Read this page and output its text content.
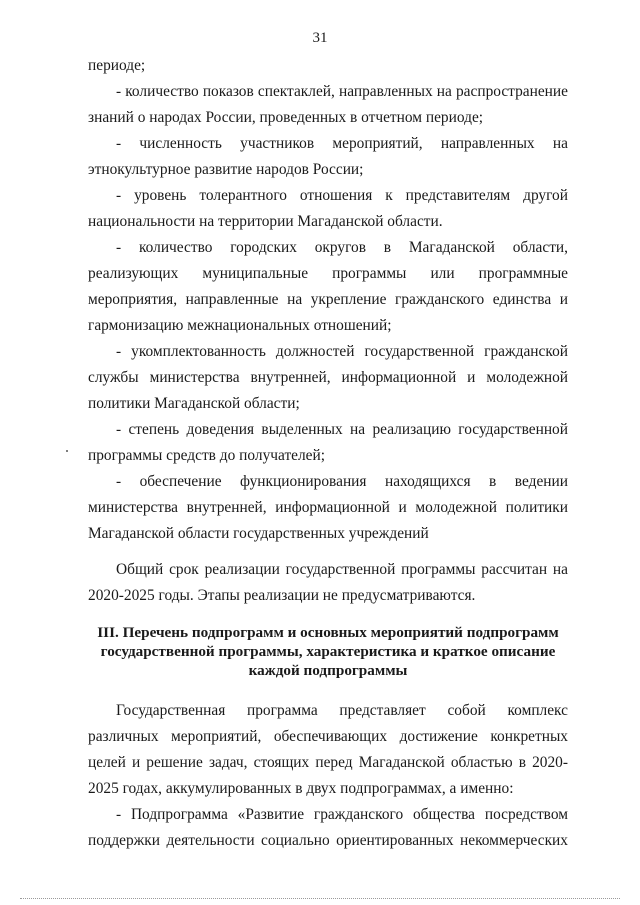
31

периоде;

- количество показов спектаклей, направленных на распространение знаний о народах России, проведенных в отчетном периоде;

- численность участников мероприятий, направленных на этнокультурное развитие народов России;

- уровень толерантного отношения к представителям другой национальности на территории Магаданской области.

- количество городских округов в Магаданской области, реализующих муниципальные программы или программные мероприятия, направленные на укрепление гражданского единства и гармонизацию межнациональных отношений;

- укомплектованность должностей государственной гражданской службы министерства внутренней, информационной и молодежной политики Магаданской области;

- степень доведения выделенных на реализацию государственной программы средств до получателей;

- обеспечение функционирования находящихся в ведении министерства внутренней, информационной и молодежной политики Магаданской области государственных учреждений

Общий срок реализации государственной программы рассчитан на 2020-2025 годы. Этапы реализации не предусматриваются.

III. Перечень подпрограмм и основных мероприятий подпрограмм государственной программы, характеристика и краткое описание каждой подпрограммы

Государственная программа представляет собой комплекс различных мероприятий, обеспечивающих достижение конкретных целей и решение задач, стоящих перед Магаданской областью в 2020-2025 годах, аккумулированных в двух подпрограммах, а именно:

- Подпрограмма «Развитие гражданского общества посредством поддержки деятельности социально ориентированных некоммерческих
